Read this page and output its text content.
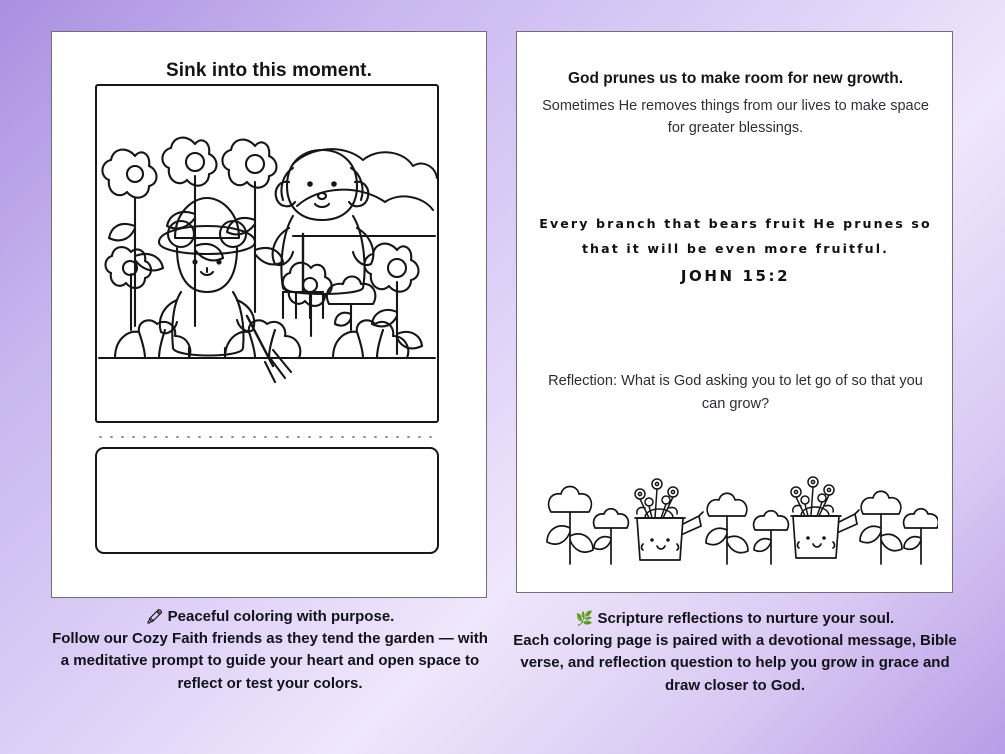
Sink into this moment.	God prunes us to make room for new growth.
Sometimes He removes things from our lives to make space for greater blessings.
Every branch that bears fruit He prunes so that it will be even more fruitful.
JOHN 15:2
Reflection: What is God asking you to let go of so that you can grow?
🖍 Peaceful coloring with purpose.
Follow our Cozy Faith friends as they tend the garden — with a meditative prompt to guide your heart and open space to reflect or test your colors.
🌿 Scripture reflections to nurture your soul.
Each coloring page is paired with a devotional message, Bible verse, and reflection question to help you grow in grace and draw closer to God.
